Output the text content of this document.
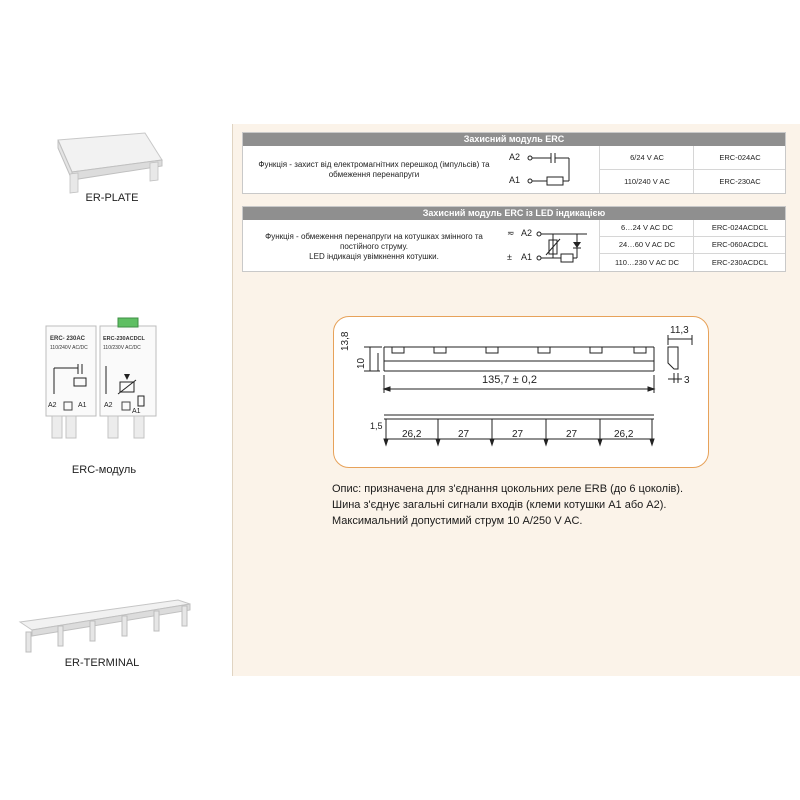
ER-PLATE
ERC- 230AC
110/240V AC/DC
A2	A1
ERC-230ACDCL
110/230V AC/DC
A2
A1
ERC-модуль
ER-TERMINAL
Захисний модуль ERC
Функція - захист від електромагнітних перешкод (імпульсів) та
обмеження перенапруги
A2
A1
6/24 V AC	ERC-024AC
110/240 V AC	ERC-230AC
Захисний модуль ERC із LED індикацією
Функція - обмеження перенапруги на котушках змінного та
постійного струму.
LED індикація увімкнення котушки.
≂ A2
± A1
6…24 V AC DC	ERC-024ACDCL
24…60 V AC DC	ERC-060ACDCL
110…230 V AC DC	ERC-230ACDCL
13,8
10
135,7 ± 0,2
11,3
3
1,5
26,2	27	27	27	26,2
Опис: призначена для з'єднання цокольних реле ERB (до 6 цоколів).
Шина з'єднує загальні сигнали входів (клеми котушки A1 або A2).
Максимальний допустимий струм 10 A/250 V AC.
